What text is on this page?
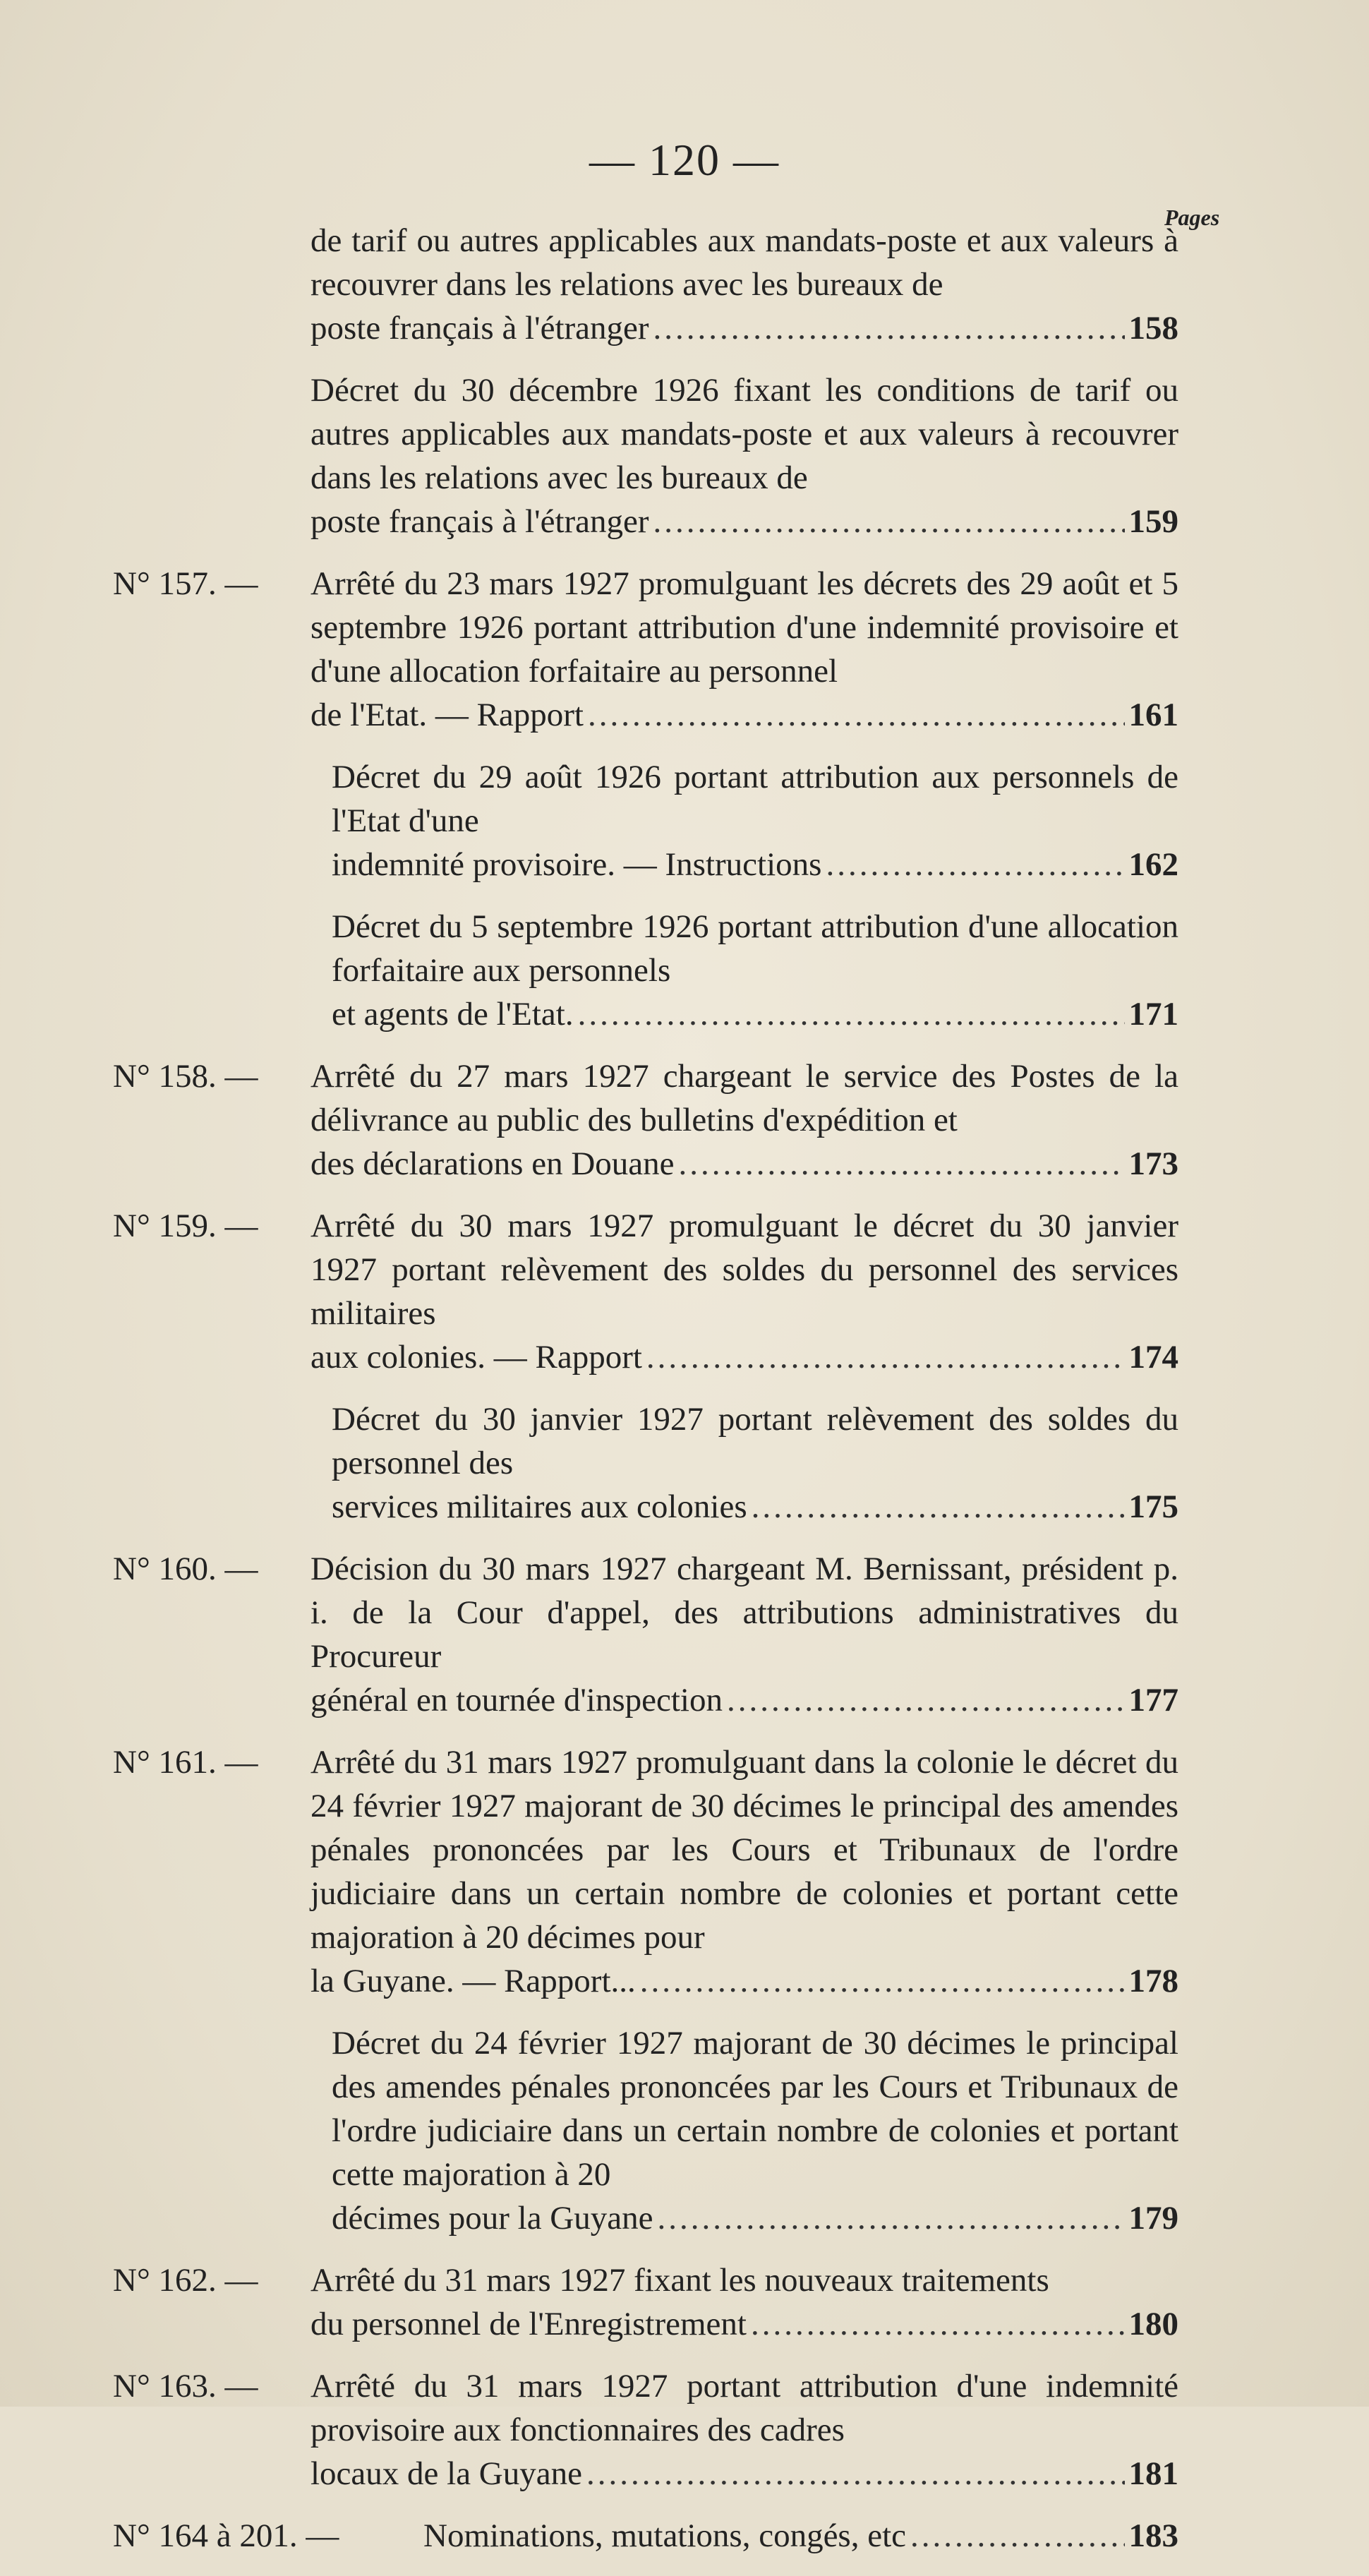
— 120 —
Pages
de tarif ou autres applicables aux mandats-poste et aux valeurs à recouvrer dans les relations avec les bureaux de
poste français à l'étranger .....	158
Décret du 30 décembre 1926 fixant les conditions de tarif ou autres applicables aux mandats-poste et aux valeurs à recouvrer dans les relations avec les bureaux de
poste français à l'étranger .....	159
N° 157. — Arrêté du 23 mars 1927 promulguant les décrets des 29 août et 5 septembre 1926 portant attribution d'une indemnité provisoire et d'une allocation forfaitaire au personnel
de l'Etat. — Rapport .....	161
Décret du 29 août 1926 portant attribution aux personnels de l'Etat d'une
indemnité provisoire. — Instructions .....	162
Décret du 5 septembre 1926 portant attribution d'une allocation forfaitaire aux personnels
et agents de l'Etat. .....	171
N° 158. — Arrêté du 27 mars 1927 chargeant le service des Postes de la délivrance au public des bulletins d'expédition et
des déclarations en Douane .....	173
N° 159. — Arrêté du 30 mars 1927 promulguant le décret du 30 janvier 1927 portant relèvement des soldes du personnel des services militaires
aux colonies. — Rapport .....	174
Décret du 30 janvier 1927 portant relèvement des soldes du personnel des
services militaires aux colonies .....	175
N° 160. — Décision du 30 mars 1927 chargeant M. Bernissant, président p. i. de la Cour d'appel, des attributions administratives du Procureur
général en tournée d'inspection .....	177
N° 161. — Arrêté du 31 mars 1927 promulguant dans la colonie le décret du 24 février 1927 majorant de 30 décimes le principal des amendes pénales prononcées par les Cours et Tribunaux de l'ordre judiciaire dans un certain nombre de colonies et portant cette majoration à 20 décimes pour
la Guyane. — Rapport... .....	178
Décret du 24 février 1927 majorant de 30 décimes le principal des amendes pénales prononcées par les Cours et Tribunaux de l'ordre judiciaire dans un certain nombre de colonies et portant cette majoration à 20
décimes pour la Guyane .....	179
N° 162. — Arrêté du 31 mars 1927 fixant les nouveaux traitements
du personnel de l'Enregistrement .....	180
N° 163. — Arrêté du 31 mars 1927 portant attribution d'une indemnité provisoire aux fonctionnaires des cadres
locaux de la Guyane .....	181
N° 164 à 201. —	Nominations, mutations, congés, etc .....	183
